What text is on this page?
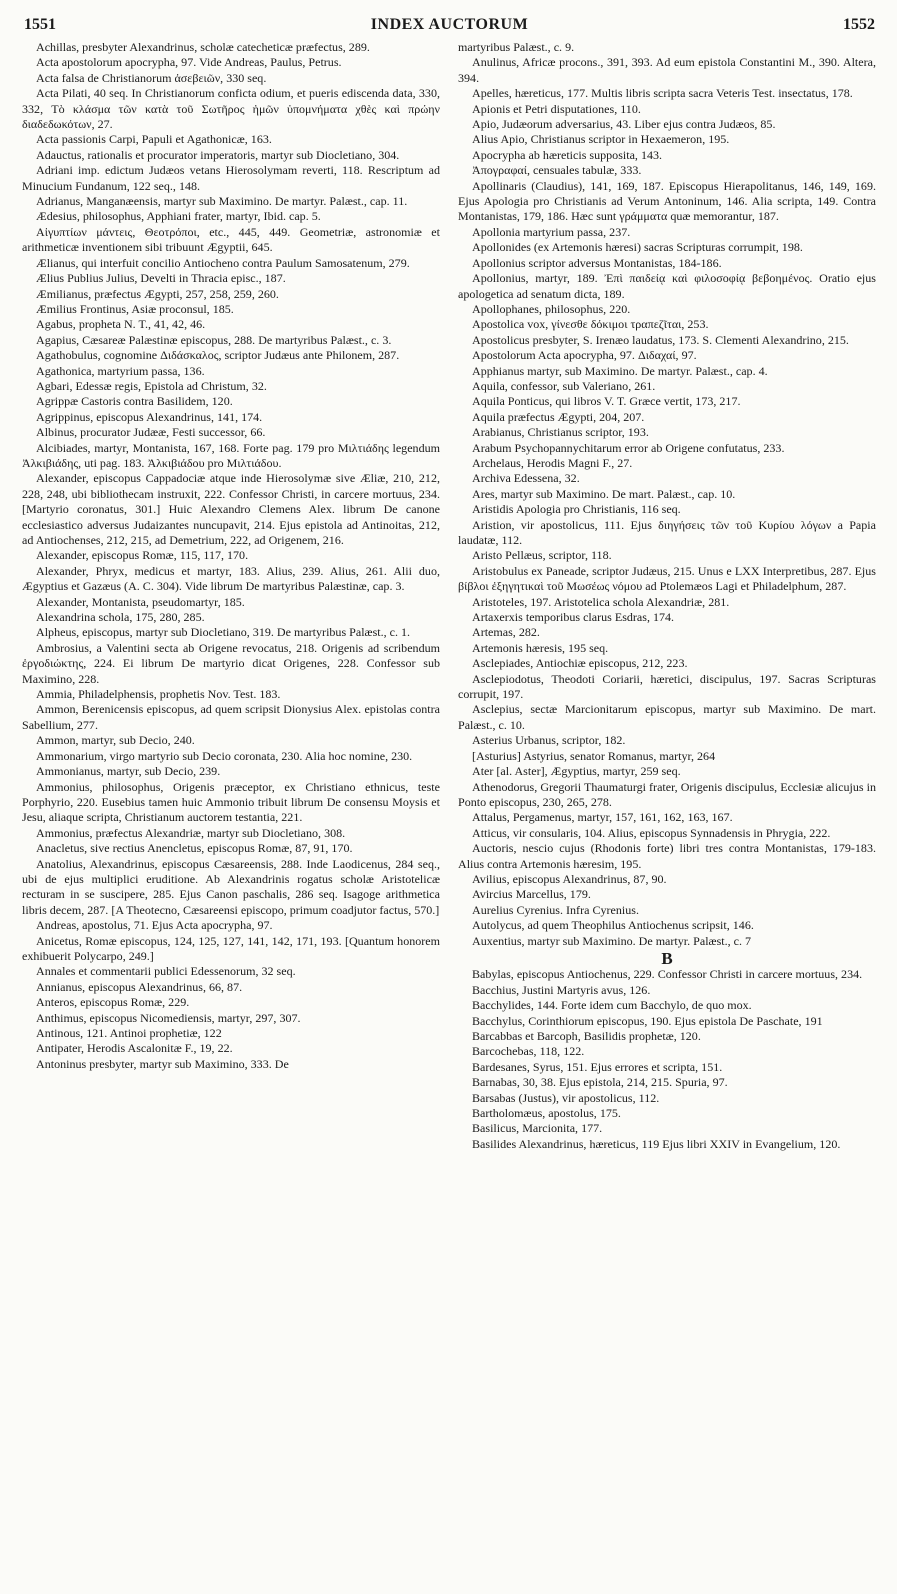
1551	INDEX AUCTORUM	1552

Achillas, presbyter Alexandrinus, scholæ catecheticæ præfectus, 289.

Acta apostolorum apocrypha, 97. Vide Andreas, Paulus, Petrus.

Acta falsa de Christianorum ἀσεβειῶν, 330 seq.

Acta Pilati, 40 seq. In Christianorum conficta odium, et pueris ediscenda data, 330, 332, Τὸ κλάσμα τῶν κατὰ τοῦ Σωτῆρος ἡμῶν ὑπομνήματα χθὲς καὶ πρώην διαδεδωκότων, 27.

Acta passionis Carpi, Papuli et Agathonicæ, 163.

Adauctus, rationalis et procurator imperatoris, martyr sub Diocletiano, 304.

Adriani imp. edictum Judæos vetans Hierosolymam reverti, 118. Rescriptum ad Minucium Fundanum, 122 seq., 148.

Adrianus, Manganæensis, martyr sub Maximino. De martyr. Palæst., cap. 11.

Ædesius, philosophus, Apphiani frater, martyr, Ibid. cap. 5.

Αἰγυπτίων μάντεις, Θεοτρόποι, etc., 445, 449. Geometriæ, astronomiæ et arithmeticæ inventionem sibi tribuunt Ægyptii, 645.

Ælianus, qui interfuit concilio Antiocheno contra Paulum Samosatenum, 279.

Ælius Publius Julius, Develti in Thracia episc., 187.

Æmilianus, præfectus Ægypti, 257, 258, 259, 260.

Æmilius Frontinus, Asiæ proconsul, 185.

Agabus, propheta N. T., 41, 42, 46.

Agapius, Cæsareæ Palæstinæ episcopus, 288. De martyribus Palæst., c. 3.

Agathobulus, cognomine Διδάσκαλος, scriptor Judæus ante Philonem, 287.

Agathonica, martyrium passa, 136.

Agbari, Edessæ regis, Epistola ad Christum, 32.

Agrippæ Castoris contra Basilidem, 120.

Agrippinus, episcopus Alexandrinus, 141, 174.

Albinus, procurator Judææ, Festi successor, 66.

Alcibiades, martyr, Montanista, 167, 168. Forte pag. 179 pro Μιλτιάδης legendum Ἀλκιβιάδης, uti pag. 183. Ἀλκιβιάδου pro Μιλτιάδου.

Alexander, episcopus Cappadociæ atque inde Hierosolymæ sive Æliæ, 210, 212, 228, 248, ubi bibliothecam instruxit, 222. Confessor Christi, in carcere mortuus, 234. [Martyrio coronatus, 301.] Huic Alexandro Clemens Alex. librum De canone ecclesiastico adversus Judaizantes nuncupavit, 214. Ejus epistola ad Antinoitas, 212, ad Antiochenses, 212, 215, ad Demetrium, 222, ad Origenem, 216.

Alexander, episcopus Romæ, 115, 117, 170.

Alexander, Phryx, medicus et martyr, 183. Alius, 239. Alius, 261. Alii duo, Ægyptius et Gazæus (A. C. 304). Vide librum De martyribus Palæstinæ, cap. 3.

Alexander, Montanista, pseudomartyr, 185.

Alexandrina schola, 175, 280, 285.

Alpheus, episcopus, martyr sub Diocletiano, 319. De martyribus Palæst., c. 1.

Ambrosius, a Valentini secta ab Origene revocatus, 218. Origenis ad scribendum ἐργοδιώκτης, 224. Ei librum De martyrio dicat Origenes, 228. Confessor sub Maximino, 228.

Ammia, Philadelphensis, prophetis Nov. Test. 183.

Ammon, Berenicensis episcopus, ad quem scripsit Dionysius Alex. epistolas contra Sabellium, 277.

Ammon, martyr, sub Decio, 240.

Ammonarium, virgo martyrio sub Decio coronata, 230. Alia hoc nomine, 230.

Ammonianus, martyr, sub Decio, 239.

Ammonius, philosophus, Origenis præceptor, ex Christiano ethnicus, teste Porphyrio, 220. Eusebius tamen huic Ammonio tribuit librum De consensu Moysis et Jesu, aliaque scripta, Christianum auctorem testantia, 221.

Ammonius, præfectus Alexandriæ, martyr sub Diocletiano, 308.

Anacletus, sive rectius Anencletus, episcopus Romæ, 87, 91, 170.

Anatolius, Alexandrinus, episcopus Cæsareensis, 288. Inde Laodicenus, 284 seq., ubi de ejus multiplici eruditione. Ab Alexandrinis rogatus scholæ Aristotelicæ recturam in se suscipere, 285. Ejus Canon paschalis, 286 seq. Isagoge arithmetica libris decem, 287. [A Theotecno, Cæsareensi episcopo, primum coadjutor factus, 570.]

Andreas, apostolus, 71. Ejus Acta apocrypha, 97.

Anicetus, Romæ episcopus, 124, 125, 127, 141, 142, 171, 193. [Quantum honorem exhibuerit Polycarpo, 249.]

Annales et commentarii publici Edessenorum, 32 seq.

Annianus, episcopus Alexandrinus, 66, 87.

Anteros, episcopus Romæ, 229.

Anthimus, episcopus Nicomediensis, martyr, 297, 307.

Antinous, 121. Antinoi prophetiæ, 122

Antipater, Herodis Ascalonitæ F., 19, 22.

Antoninus presbyter, martyr sub Maximino, 333. De

martyribus Palæst., c. 9.

Anulinus, Africæ procons., 391, 393. Ad eum epistola Constantini M., 390. Altera, 394.

Apelles, hæreticus, 177. Multis libris scripta sacra Veteris Test. insectatus, 178.

Apionis et Petri disputationes, 110.

Apio, Judæorum adversarius, 43. Liber ejus contra Judæos, 85.

Alius Apio, Christianus scriptor in Hexaemeron, 195.

Apocrypha ab hæreticis supposita, 143.

Ἀπογραφαί, censuales tabulæ, 333.

Apollinaris (Claudius), 141, 169, 187. Episcopus Hierapolitanus, 146, 149, 169. Ejus Apologia pro Christianis ad Verum Antoninum, 146. Alia scripta, 149. Contra Montanistas, 179, 186. Hæc sunt γράμματα quæ memorantur, 187.

Apollonia martyrium passa, 237.

Apollonides (ex Artemonis hæresi) sacras Scripturas corrumpit, 198.

Apollonius scriptor adversus Montanistas, 184-186.

Apollonius, martyr, 189. Ἐπὶ παιδείᾳ καὶ φιλοσοφίᾳ βεβοημένος. Oratio ejus apologetica ad senatum dicta, 189.

Apollophanes, philosophus, 220.

Apostolica vox, γίνεσθε δόκιμοι τραπεζῖται, 253.

Apostolicus presbyter, S. Irenæo laudatus, 173. S. Clementi Alexandrino, 215.

Apostolorum Acta apocrypha, 97. Διδαχαί, 97.

Apphianus martyr, sub Maximino. De martyr. Palæst., cap. 4.

Aquila, confessor, sub Valeriano, 261.

Aquila Ponticus, qui libros V. T. Græce vertit, 173, 217.

Aquila præfectus Ægypti, 204, 207.

Arabianus, Christianus scriptor, 193.

Arabum Psychopannychitarum error ab Origene confutatus, 233.

Archelaus, Herodis Magni F., 27.

Archiva Edessena, 32.

Ares, martyr sub Maximino. De mart. Palæst., cap. 10.

Aristidis Apologia pro Christianis, 116 seq.

Aristion, vir apostolicus, 111. Ejus διηγήσεις τῶν τοῦ Κυρίου λόγων a Papia laudatæ, 112.

Aristo Pellæus, scriptor, 118.

Aristobulus ex Paneade, scriptor Judæus, 215. Unus e LXX Interpretibus, 287. Ejus βίβλοι ἐξηγητικαὶ τοῦ Μωσέως νόμου ad Ptolemæos Lagi et Philadelphum, 287.

Aristoteles, 197. Aristotelica schola Alexandriæ, 281.

Artaxerxis temporibus clarus Esdras, 174.

Artemas, 282.

Artemonis hæresis, 195 seq.

Asclepiades, Antiochiæ episcopus, 212, 223.

Asclepiodotus, Theodoti Coriarii, hæretici, discipulus, 197. Sacras Scripturas corrupit, 197.

Asclepius, sectæ Marcionitarum episcopus, martyr sub Maximino. De mart. Palæst., c. 10.

Asterius Urbanus, scriptor, 182.

[Asturius] Astyrius, senator Romanus, martyr, 264

Ater [al. Aster], Ægyptius, martyr, 259 seq.

Athenodorus, Gregorii Thaumaturgi frater, Origenis discipulus, Ecclesiæ alicujus in Ponto episcopus, 230, 265, 278.

Attalus, Pergamenus, martyr, 157, 161, 162, 163, 167.

Atticus, vir consularis, 104. Alius, episcopus Synnadensis in Phrygia, 222.

Auctoris, nescio cujus (Rhodonis forte) libri tres contra Montanistas, 179-183. Alius contra Artemonis hæresim, 195.

Avilius, episcopus Alexandrinus, 87, 90.

Avircius Marcellus, 179.

Aurelius Cyrenius. Infra Cyrenius.

Autolycus, ad quem Theophilus Antiochenus scripsit, 146.

Auxentius, martyr sub Maximino. De martyr. Palæst., c. 7

B

Babylas, episcopus Antiochenus, 229. Confessor Christi in carcere mortuus, 234.

Bacchius, Justini Martyris avus, 126.

Bacchylides, 144. Forte idem cum Bacchylo, de quo mox.

Bacchylus, Corinthiorum episcopus, 190. Ejus epistola De Paschate, 191

Barcabbas et Barcoph, Basilidis prophetæ, 120.

Barcochebas, 118, 122.

Bardesanes, Syrus, 151. Ejus errores et scripta, 151.

Barnabas, 30, 38. Ejus epistola, 214, 215. Spuria, 97.

Barsabas (Justus), vir apostolicus, 112.

Bartholomæus, apostolus, 175.

Basilicus, Marcionita, 177.

Basilides Alexandrinus, hæreticus, 119 Ejus libri XXIV in Evangelium, 120.
